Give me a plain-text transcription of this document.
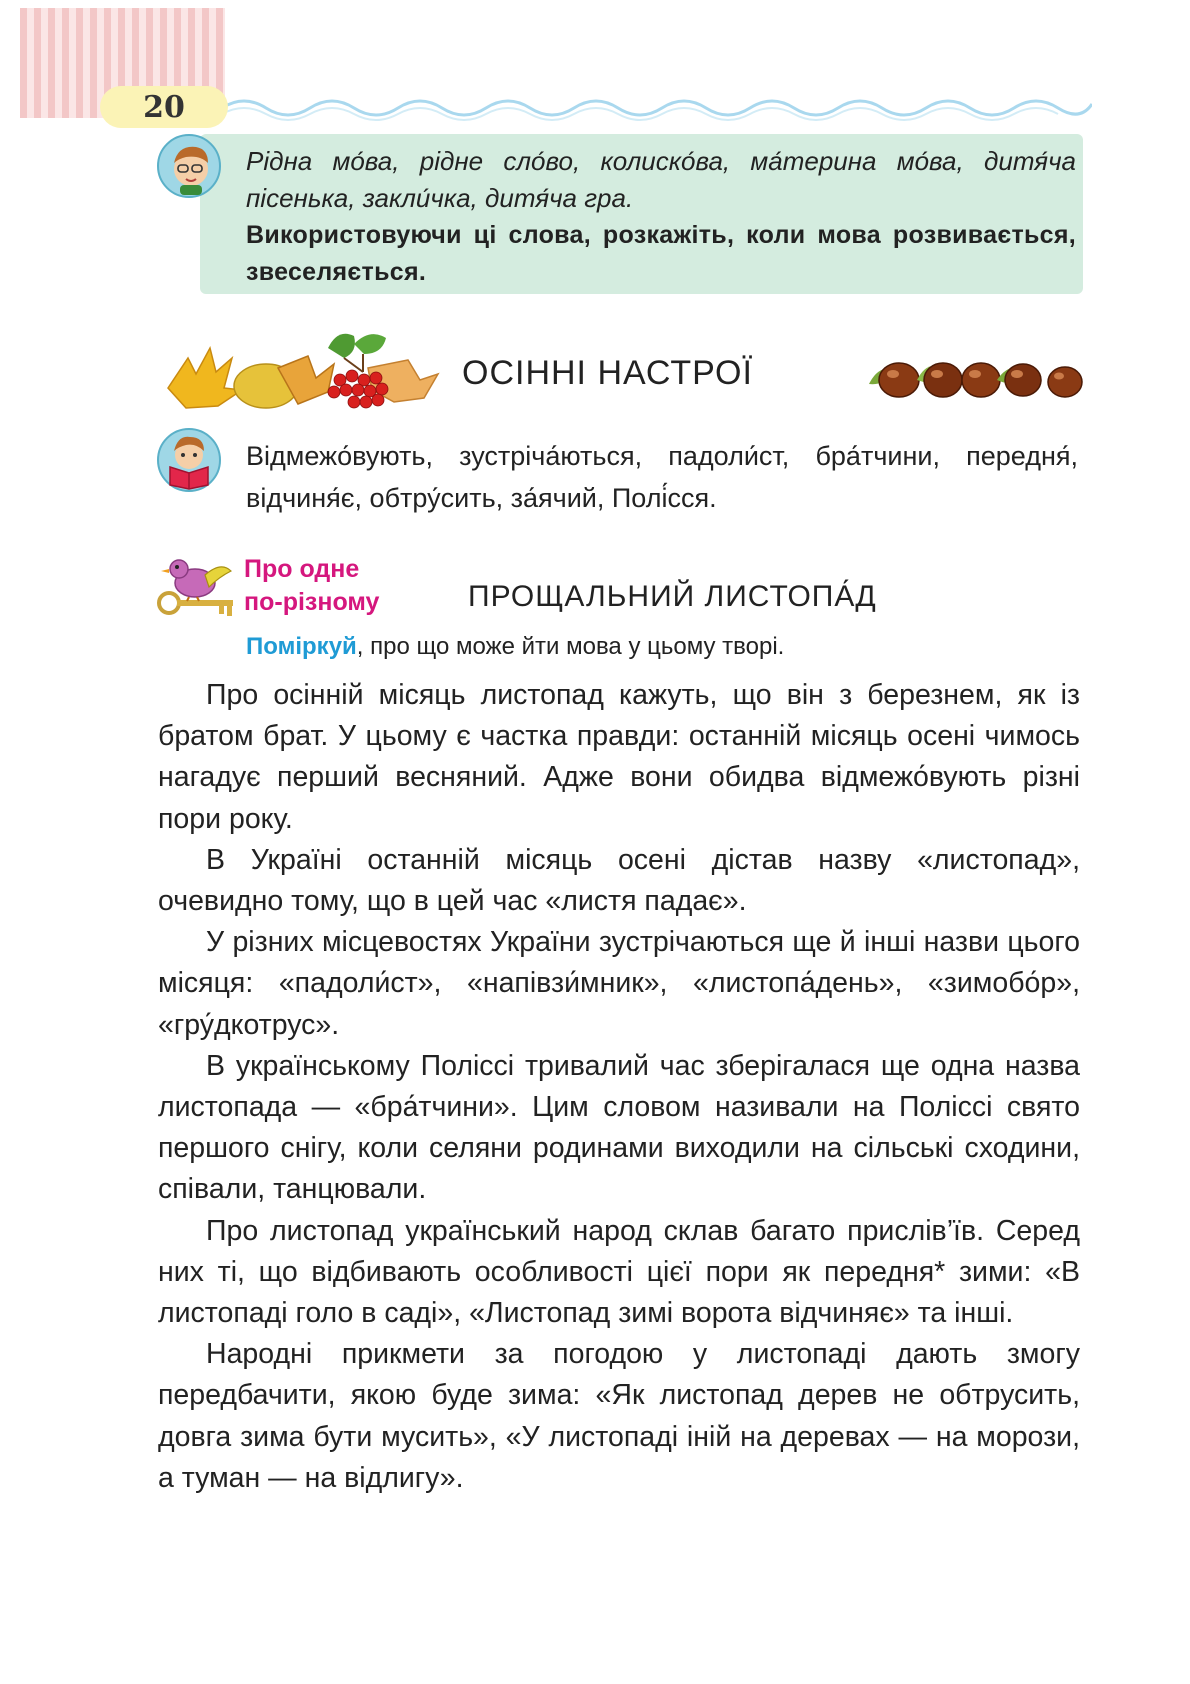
20
Рідна мо́ва, рідне сло́во, колиско́ва, ма́терина мо́ва, дитя́ча пісенька, закли́чка, дитя́ча гра.
Використовуючи ці слова, розкажіть, коли мова розвивається, звеселяється.
ОСІННІ НАСТРОЇ
Відмежо́вують, зустріча́ються, падоли́ст, бра́тчини, передня́, відчиня́є, обтру́сить, за́ячий, Полі́сся.
Про одне
по-різному	ПРОЩАЛЬНИЙ ЛИСТОПА́Д
Поміркуй, про що може йти мова у цьому творі.

Про осінній місяць листопад кажуть, що він з березнем, як із братом брат. У цьому є частка правди: останній місяць осені чимось нагадує перший весняний. Адже вони обидва відмежо́вують різні пори року.

В Україні останній місяць осені дістав назву «листопад», очевидно тому, що в цей час «листя падає».

У різних місцевостях України зустрічаються ще й інші назви цього місяця: «падоли́ст», «напівзи́мник», «листопа́день», «зимобо́р», «гру́дкотрус».

В українському Поліссі тривалий час зберігалася ще одна назва листопада — «бра́тчини». Цим словом називали на Поліссі свято першого снігу, коли селяни родинами виходили на сільські сходини, співали, танцювали.

Про листопад український народ склав багато прислів’їв. Серед них ті, що відбивають особливості цієї пори як передня* зими: «В листопаді голо в саді», «Листопад зимі ворота відчиняє» та інші.

Народні прикмети за погодою у листопаді дають змогу передбачити, якою буде зима: «Як листопад дерев не обтрусить, довга зима бути мусить», «У листопаді іній на деревах — на морози, а туман — на відлигу».
